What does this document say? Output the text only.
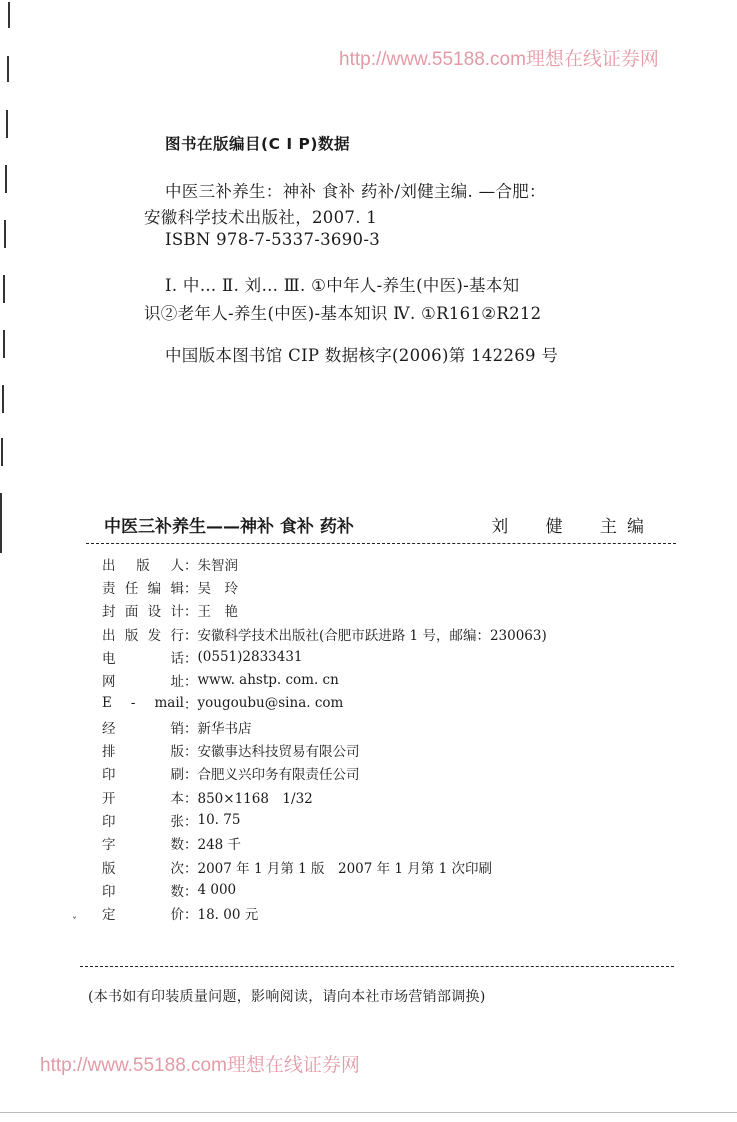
http://www.55188.com理想在线证券网
图书在版编目(C I P)数据
中医三补养生：神补 食补 药补/刘健主编. —合肥：
安徽科学技术出版社，2007. 1
ISBN 978-7-5337-3690-3
Ⅰ. 中… Ⅱ. 刘… Ⅲ. ①中年人-养生(中医)-基本知
识②老年人-养生(中医)-基本知识 Ⅳ. ①R161②R212
中国版本图书馆 CIP 数据核字(2006)第 142269 号
中医三补养生——神补 食补 药补	刘 健 主编
出 版 人 ： 朱智润
责 任 编 辑 ： 吴　玲
封 面 设 计 ： 王　艳
出 版 发 行 ： 安徽科学技术出版社(合肥市跃进路 1 号，邮编：230063)
电	话 ： (0551)2833431
网	址 ： www. ahstp. com. cn
E - mail ： yougoubu@sina. com
经	销 ： 新华书店
排	版 ： 安徽事达科技贸易有限公司
印	刷 ： 合肥义兴印务有限责任公司
开	本 ： 850×1168　1/32
印	张 ： 10. 75
字	数 ： 248 千
版	次 ： 2007 年 1 月第 1 版　2007 年 1 月第 1 次印刷
印	数 ： 4 000
定	价 ： 18. 00 元
ˇ
(本书如有印装质量问题，影响阅读，请向本社市场营销部调换)
http://www.55188.com理想在线证券网
